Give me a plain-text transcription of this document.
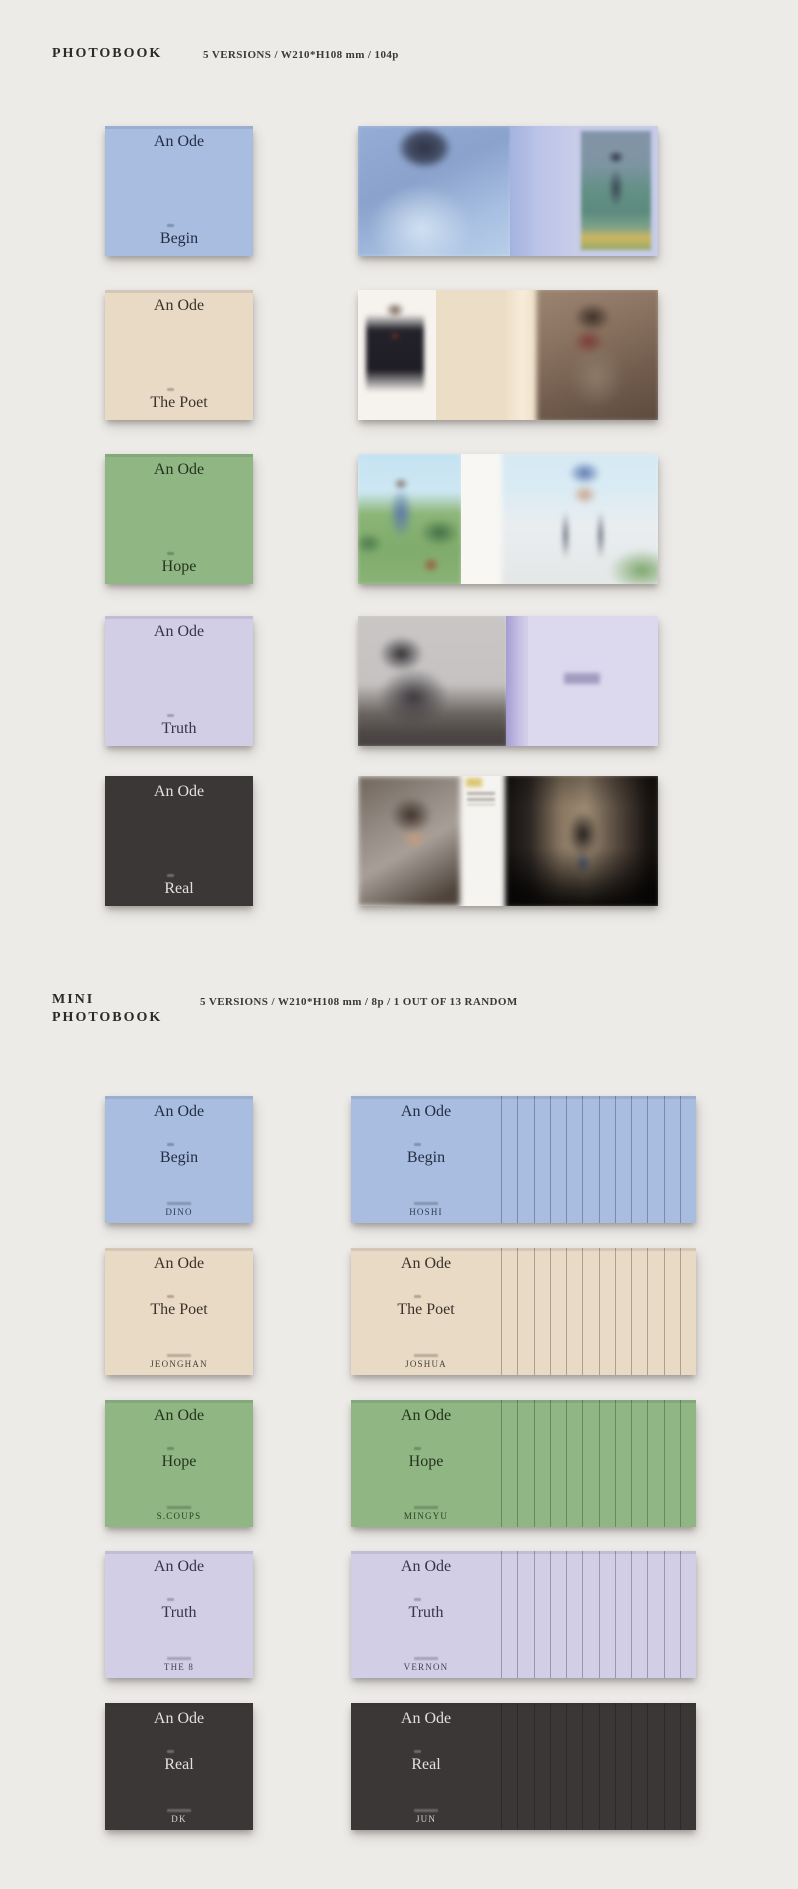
PHOTOBOOK	5 VERSIONS / W210*H108 mm / 104p
An Ode
Begin
An Ode
The Poet
An Ode
Hope
An Ode
Truth
An Ode
Real
MINI
PHOTOBOOK
5 VERSIONS / W210*H108 mm / 8p / 1 OUT OF 13 RANDOM
An Ode
Begin
DINO
An Ode
Begin
HOSHI
An Ode
The Poet
JEONGHAN
An Ode
The Poet
JOSHUA
An Ode
Hope
S.COUPS
An Ode
Hope
MINGYU
An Ode
Truth
THE 8
An Ode
Truth
VERNON
An Ode
Real
DK
An Ode
Real
JUN
